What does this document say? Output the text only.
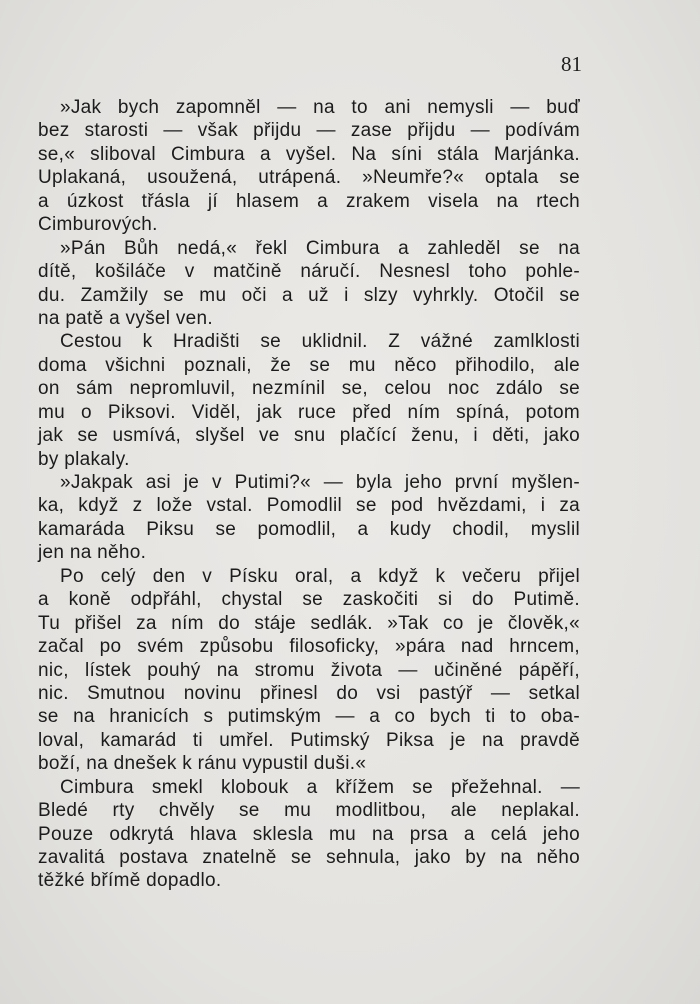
81
»Jak bych zapomněl — na to ani nemysli — buď
bez starosti — však přijdu — zase přijdu — podívám
se,« sliboval Cimbura a vyšel. Na síni stála Marjánka.
Uplakaná, usoužená, utrápená. »Neumře?« optala se
a úzkost třásla jí hlasem a zrakem visela na rtech
Cimburových.
»Pán Bůh nedá,« řekl Cimbura a zahleděl se na
dítě, košiláče v matčině náručí. Nesnesl toho pohle-
du. Zamžily se mu oči a už i slzy vyhrkly. Otočil se
na patě a vyšel ven.
Cestou k Hradišti se uklidnil. Z vážné zamlklosti
doma všichni poznali, že se mu něco přihodilo, ale
on sám nepromluvil, nezmínil se, celou noc zdálo se
mu o Piksovi. Viděl, jak ruce před ním spíná, potom
jak se usmívá, slyšel ve snu plačící ženu, i děti, jako
by plakaly.
»Jakpak asi je v Putimi?« — byla jeho první myšlen-
ka, když z lože vstal. Pomodlil se pod hvězdami, i za
kamaráda Piksu se pomodlil, a kudy chodil, myslil
jen na něho.
Po celý den v Písku oral, a když k večeru přijel
a koně odpřáhl, chystal se zaskočiti si do Putimě.
Tu přišel za ním do stáje sedlák. »Tak co je člověk,«
začal po svém způsobu filosoficky, »pára nad hrncem,
nic, lístek pouhý na stromu života — učiněné pápěří,
nic. Smutnou novinu přinesl do vsi pastýř — setkal
se na hranicích s putimským — a co bych ti to oba-
loval, kamarád ti umřel. Putimský Piksa je na pravdě
boží, na dnešek k ránu vypustil duši.«
Cimbura smekl klobouk a křížem se přežehnal. —
Bledé rty chvěly se mu modlitbou, ale neplakal.
Pouze odkrytá hlava sklesla mu na prsa a celá jeho
zavalitá postava znatelně se sehnula, jako by na něho
těžké břímě dopadlo.
